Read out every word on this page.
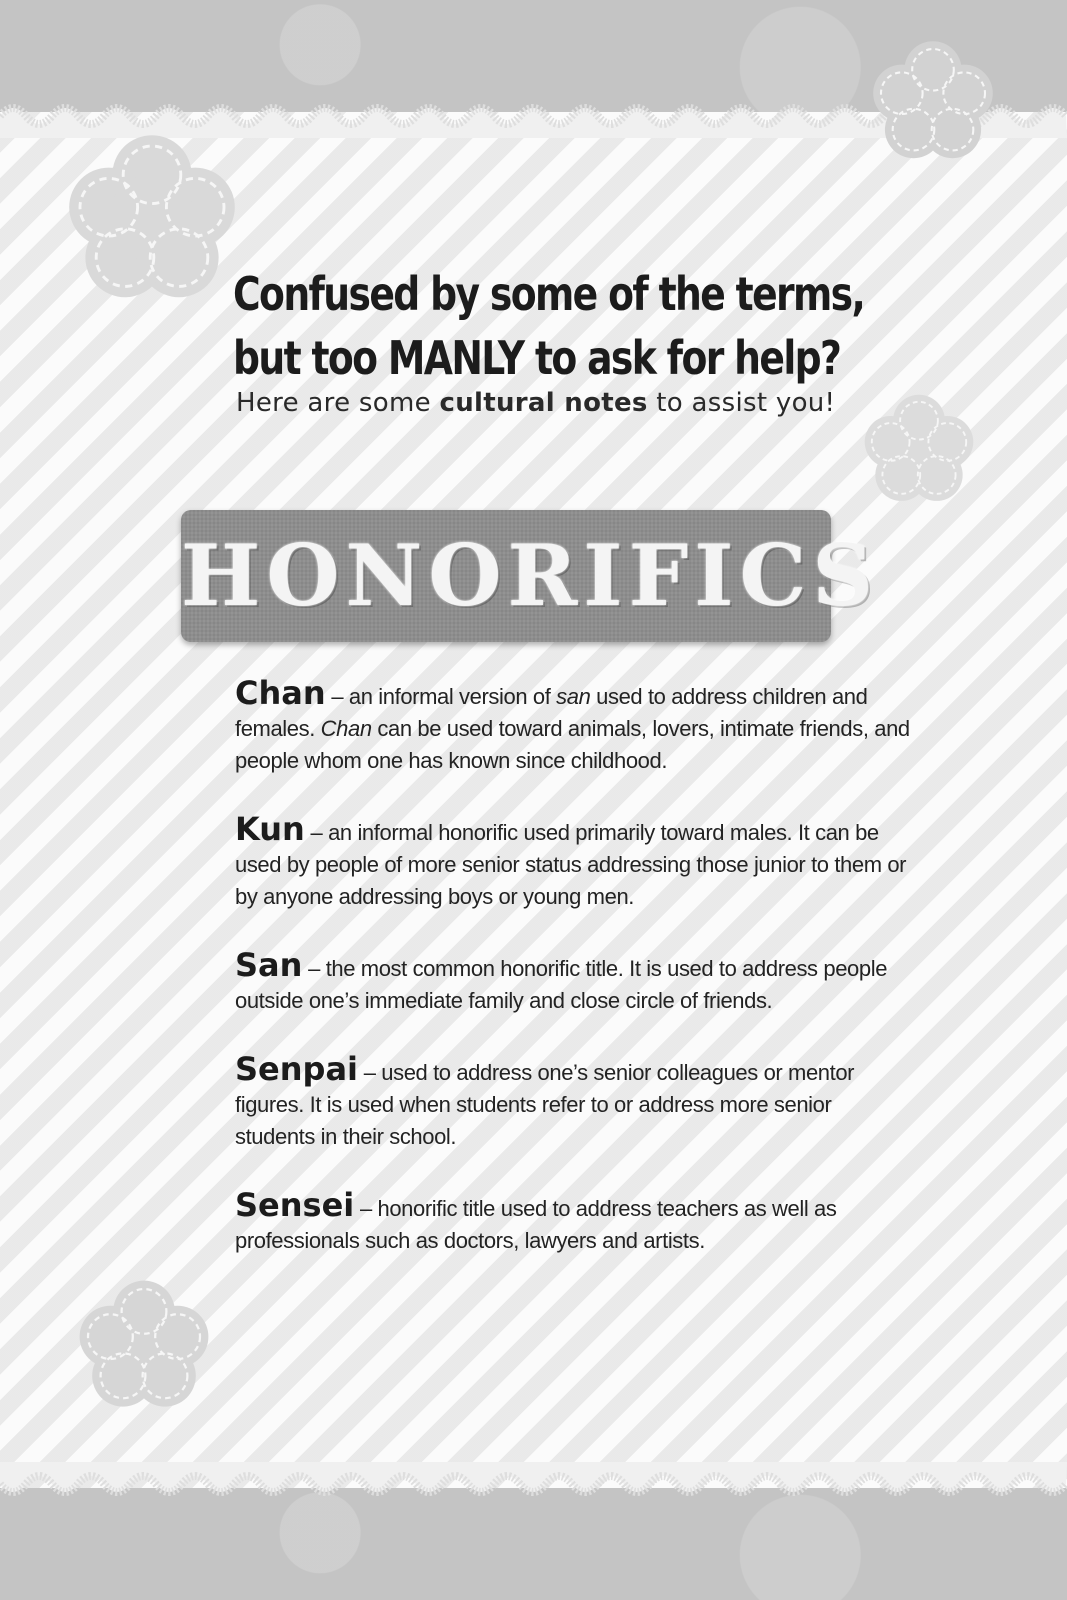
Confused by some of the terms,
but too MANLY to ask for help?

Here are some cultural notes to assist you!

HONORIFICS
Chan – an informal version of san used to address children and females. Chan can be used toward animals, lovers, intimate friends, and people whom one has known since childhood.
Kun – an informal honorific used primarily toward males. It can be used by people of more senior status addressing those junior to them or by anyone addressing boys or young men.
San – the most common honorific title. It is used to address people outside one’s immediate family and close circle of friends.
Senpai – used to address one’s senior colleagues or mentor figures. It is used when students refer to or address more senior students in their school.
Sensei – honorific title used to address teachers as well as professionals such as doctors, lawyers and artists.
